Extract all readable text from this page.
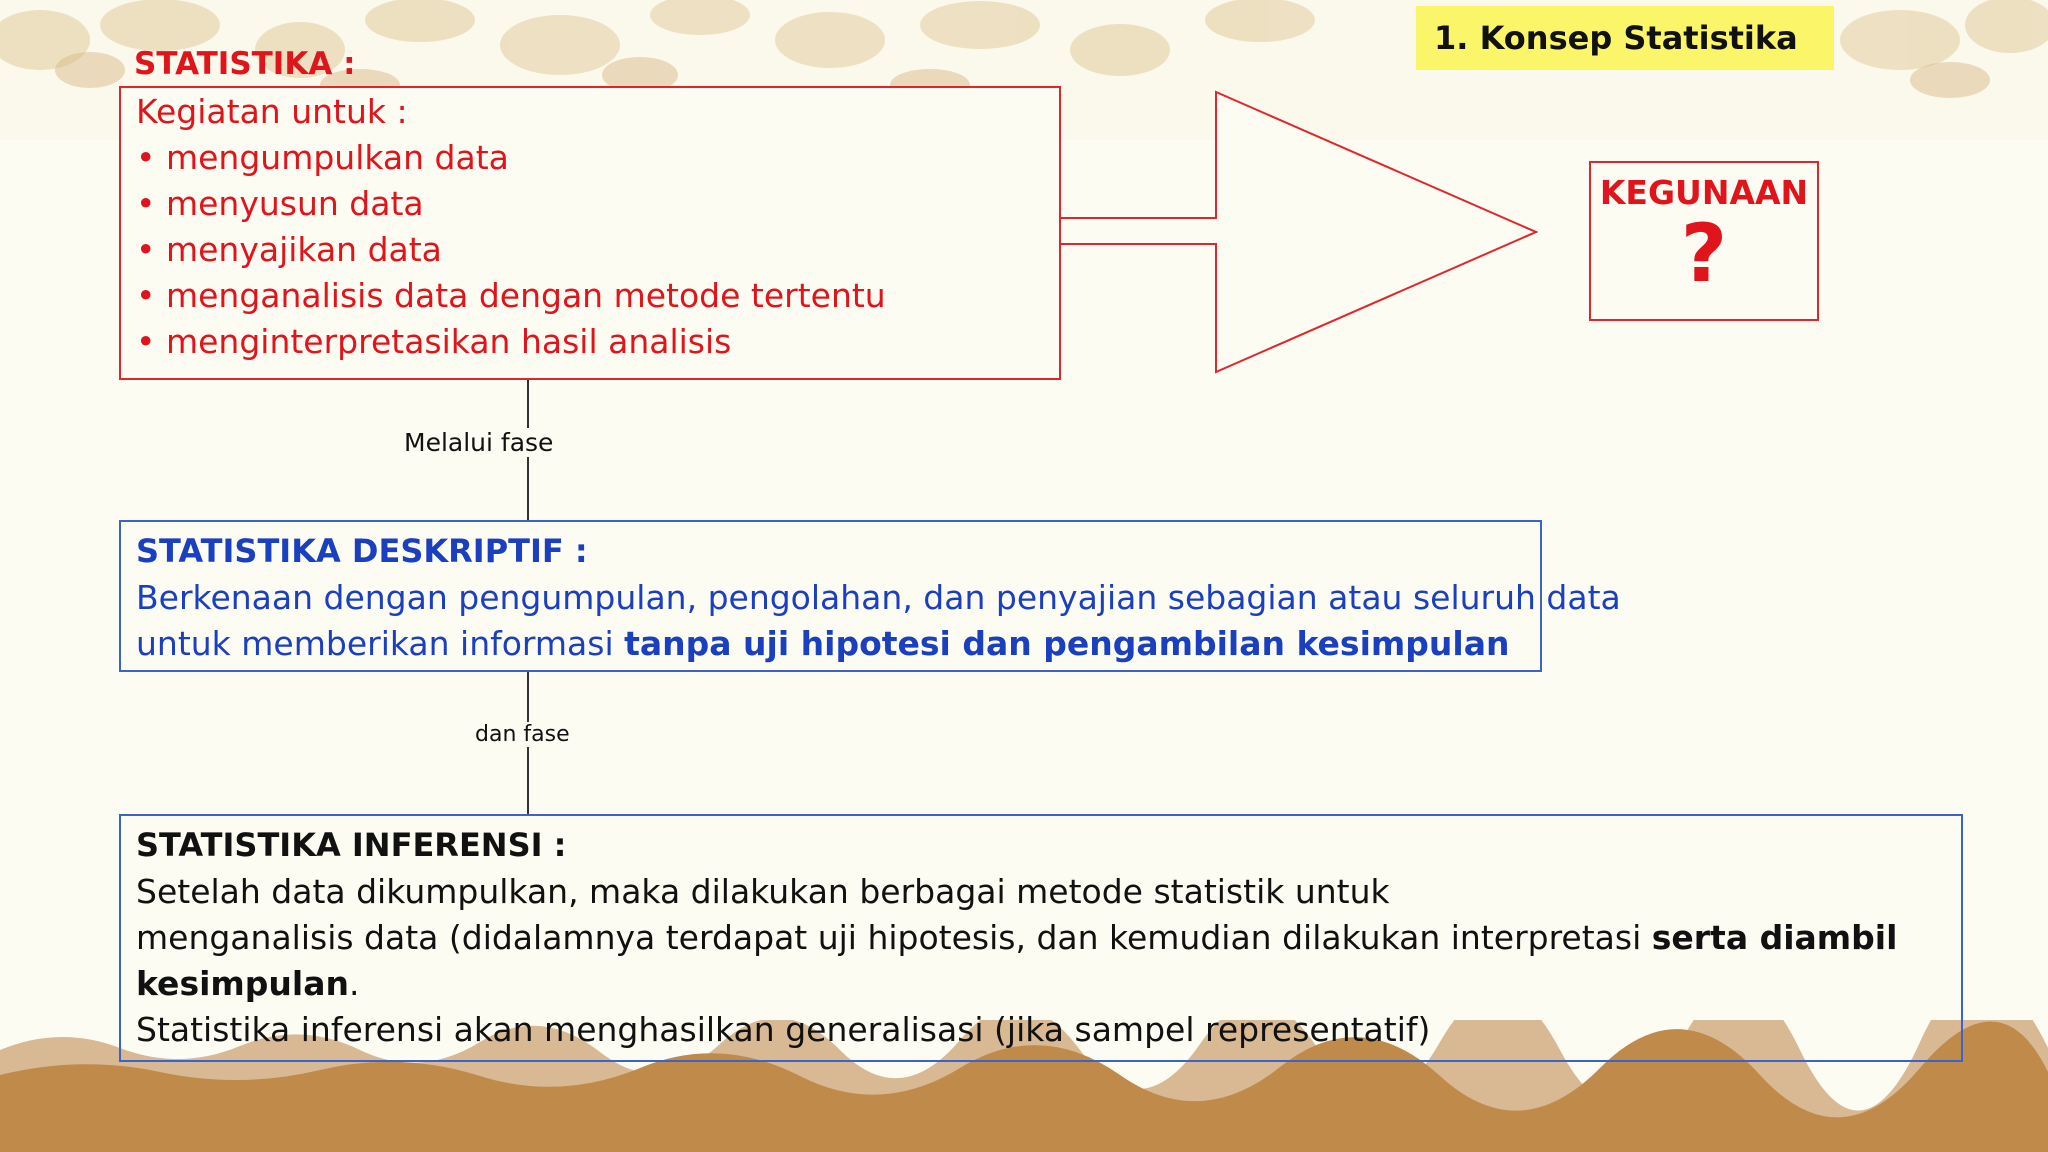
1. Konsep Statistika
STATISTIKA :
Kegiatan untuk :
• mengumpulkan data
• menyusun data
• menyajikan data
• menganalisis data dengan metode tertentu
• menginterpretasikan hasil analisis
KEGUNAAN
?
Melalui fase
STATISTIKA DESKRIPTIF :
Berkenaan dengan pengumpulan, pengolahan, dan penyajian sebagian atau seluruh data
untuk memberikan informasi tanpa uji hipotesi dan pengambilan kesimpulan
dan fase
STATISTIKA INFERENSI :
Setelah data dikumpulkan, maka dilakukan berbagai metode statistik untuk
menganalisis data (didalamnya terdapat uji hipotesis, dan kemudian dilakukan interpretasi serta diambil
kesimpulan.
Statistika inferensi akan menghasilkan generalisasi (jika sampel representatif)
